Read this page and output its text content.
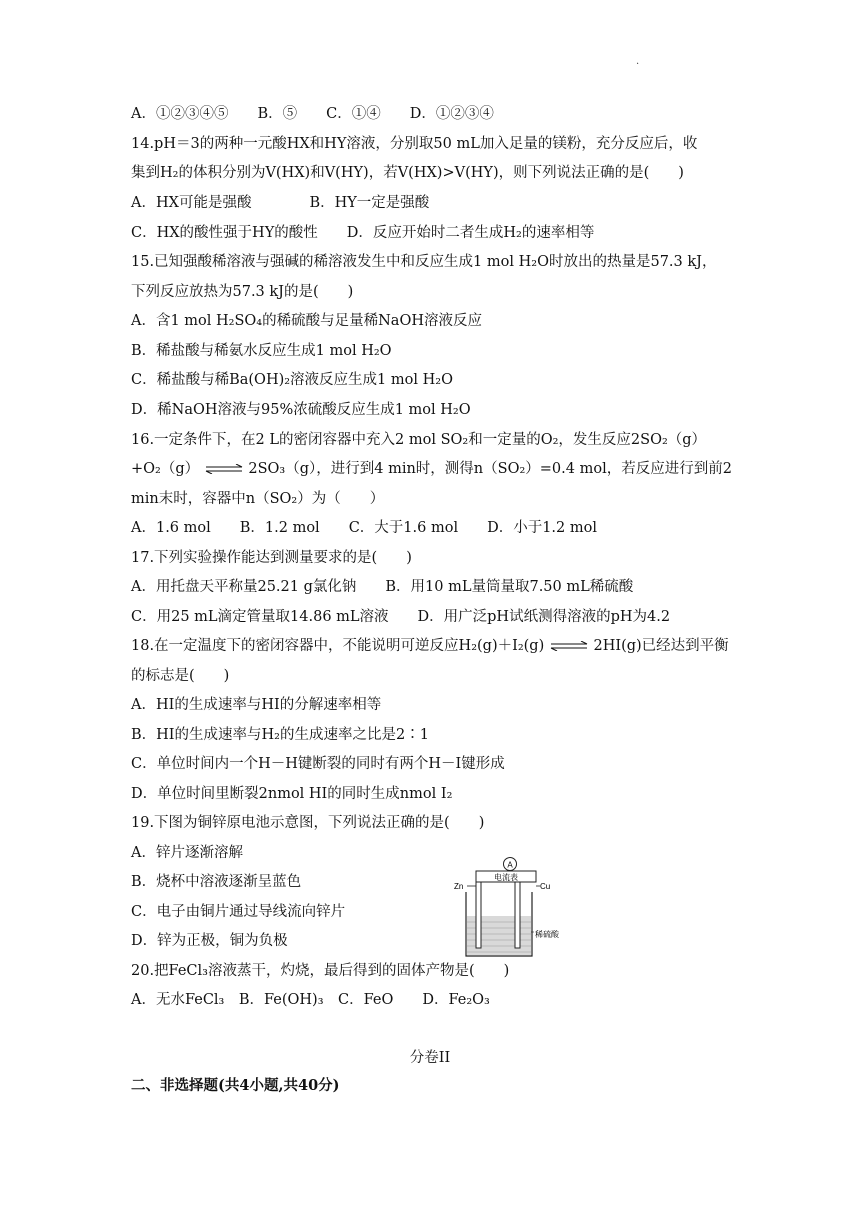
.
A．①②③④⑤　　B．⑤　　C．①④　　D．①②③④
14.pH＝3的两种一元酸HX和HY溶液，分别取50 mL加入足量的镁粉，充分反应后，收
集到H₂的体积分别为V(HX)和V(HY)，若V(HX)>V(HY)，则下列说法正确的是(　　)
A．HX可能是强酸　　　　B．HY一定是强酸
C．HX的酸性强于HY的酸性　　D．反应开始时二者生成H₂的速率相等
15.已知强酸稀溶液与强碱的稀溶液发生中和反应生成1 mol H₂O时放出的热量是57.3 kJ，
下列反应放热为57.3 kJ的是(　　)
A．含1 mol H₂SO₄的稀硫酸与足量稀NaOH溶液反应
B．稀盐酸与稀氨水反应生成1 mol H₂O
C．稀盐酸与稀Ba(OH)₂溶液反应生成1 mol H₂O
D．稀NaOH溶液与95%浓硫酸反应生成1 mol H₂O
16.一定条件下，在2 L的密闭容器中充入2 mol SO₂和一定量的O₂，发生反应2SO₂（g）
+O₂（g） ⇌ 2SO₃（g），进行到4 min时，测得n（SO₂）=0.4 mol，若反应进行到前2
min末时，容器中n（SO₂）为（　　）
A．1.6 mol　　B．1.2 mol　　C．大于1.6 mol　　D．小于1.2 mol
17.下列实验操作能达到测量要求的是(　　)
A．用托盘天平称量25.21 g氯化钠　　B．用10 mL量筒量取7.50 mL稀硫酸
C．用25 mL滴定管量取14.86 mL溶液　　D．用广泛pH试纸测得溶液的pH为4.2
18.在一定温度下的密闭容器中，不能说明可逆反应H₂(g)＋I₂(g) ⇌ 2HI(g)已经达到平衡
的标志是(　　)
A．HI的生成速率与HI的分解速率相等
B．HI的生成速率与H₂的生成速率之比是2∶1
C．单位时间内一个H－H键断裂的同时有两个H－I键形成
D．单位时间里断裂2nmol HI的同时生成nmol I₂
19.下图为铜锌原电池示意图，下列说法正确的是(　　)
A．锌片逐渐溶解
B．烧杯中溶液逐渐呈蓝色
C．电子由铜片通过导线流向锌片
D．锌为正极，铜为负极
20.把FeCl₃溶液蒸干，灼烧，最后得到的固体产物是(　　)
A．无水FeCl₃　B．Fe(OH)₃　C．FeO　　D．Fe₂O₃
A
电流表
Zn	Cu
稀硫酸
分卷II
二、非选择题(共4小题,共40分)
